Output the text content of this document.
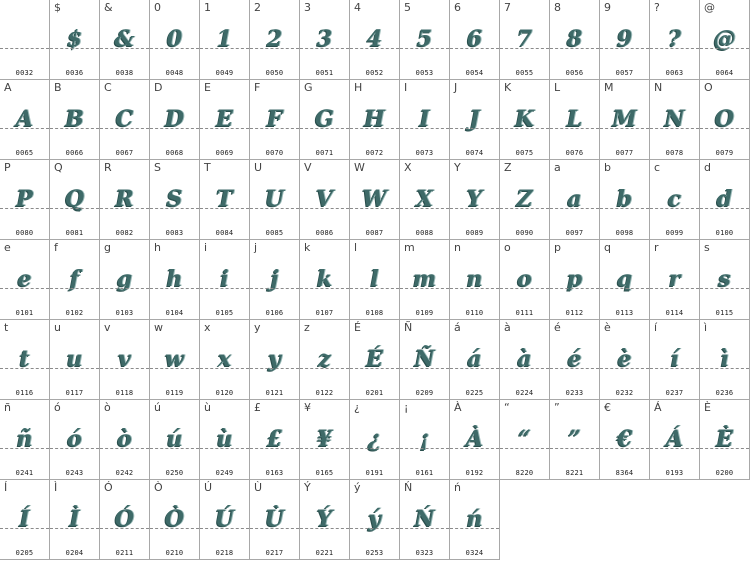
0032
$
$
0036
&
&
0038
0
0
0048
1
1
0049
2
2
0050
3
3
0051
4
4
0052
5
5
0053
6
6
0054
7
7
0055
8
8
0056
9
9
0057
?
?
0063
@
@
0064
A
A
0065
B
B
0066
C
C
0067
D
D
0068
E
E
0069
F
F
0070
G
G
0071
H
H
0072
I
I
0073
J
J
0074
K
K
0075
L
L
0076
M
M
0077
N
N
0078
O
O
0079
P
P
0080
Q
Q
0081
R
R
0082
S
S
0083
T
T
0084
U
U
0085
V
V
0086
W
W
0087
X
X
0088
Y
Y
0089
Z
Z
0090
a
a
0097
b
b
0098
c
c
0099
d
d
0100
e
e
0101
f
f
0102
g
g
0103
h
h
0104
i
i
0105
j
j
0106
k
k
0107
l
l
0108
m
m
0109
n
n
0110
o
o
0111
p
p
0112
q
q
0113
r
r
0114
s
s
0115
t
t
0116
u
u
0117
v
v
0118
w
w
0119
x
x
0120
y
y
0121
z
z
0122
É
É
0201
Ñ
Ñ
0209
á
á
0225
à
à
0224
é
é
0233
è
è
0232
í
í
0237
ì
ì
0236
ñ
ñ
0241
ó
ó
0243
ò
ò
0242
ú
ú
0250
ù
ù
0249
£
£
0163
¥
¥
0165
¿
¿
0191
¡
¡
0161
À
À
0192
“
“
8220
”
”
8221
€
€
8364
Á
Á
0193
È
È
0200
Í
Í
0205
Ì
Ì
0204
Ó
Ó
0211
Ò
Ò
0210
Ú
Ú
0218
Ù
Ù
0217
Ý
Ý
0221
ý
ý
0253
Ń
Ń
0323
ń
ń
0324
